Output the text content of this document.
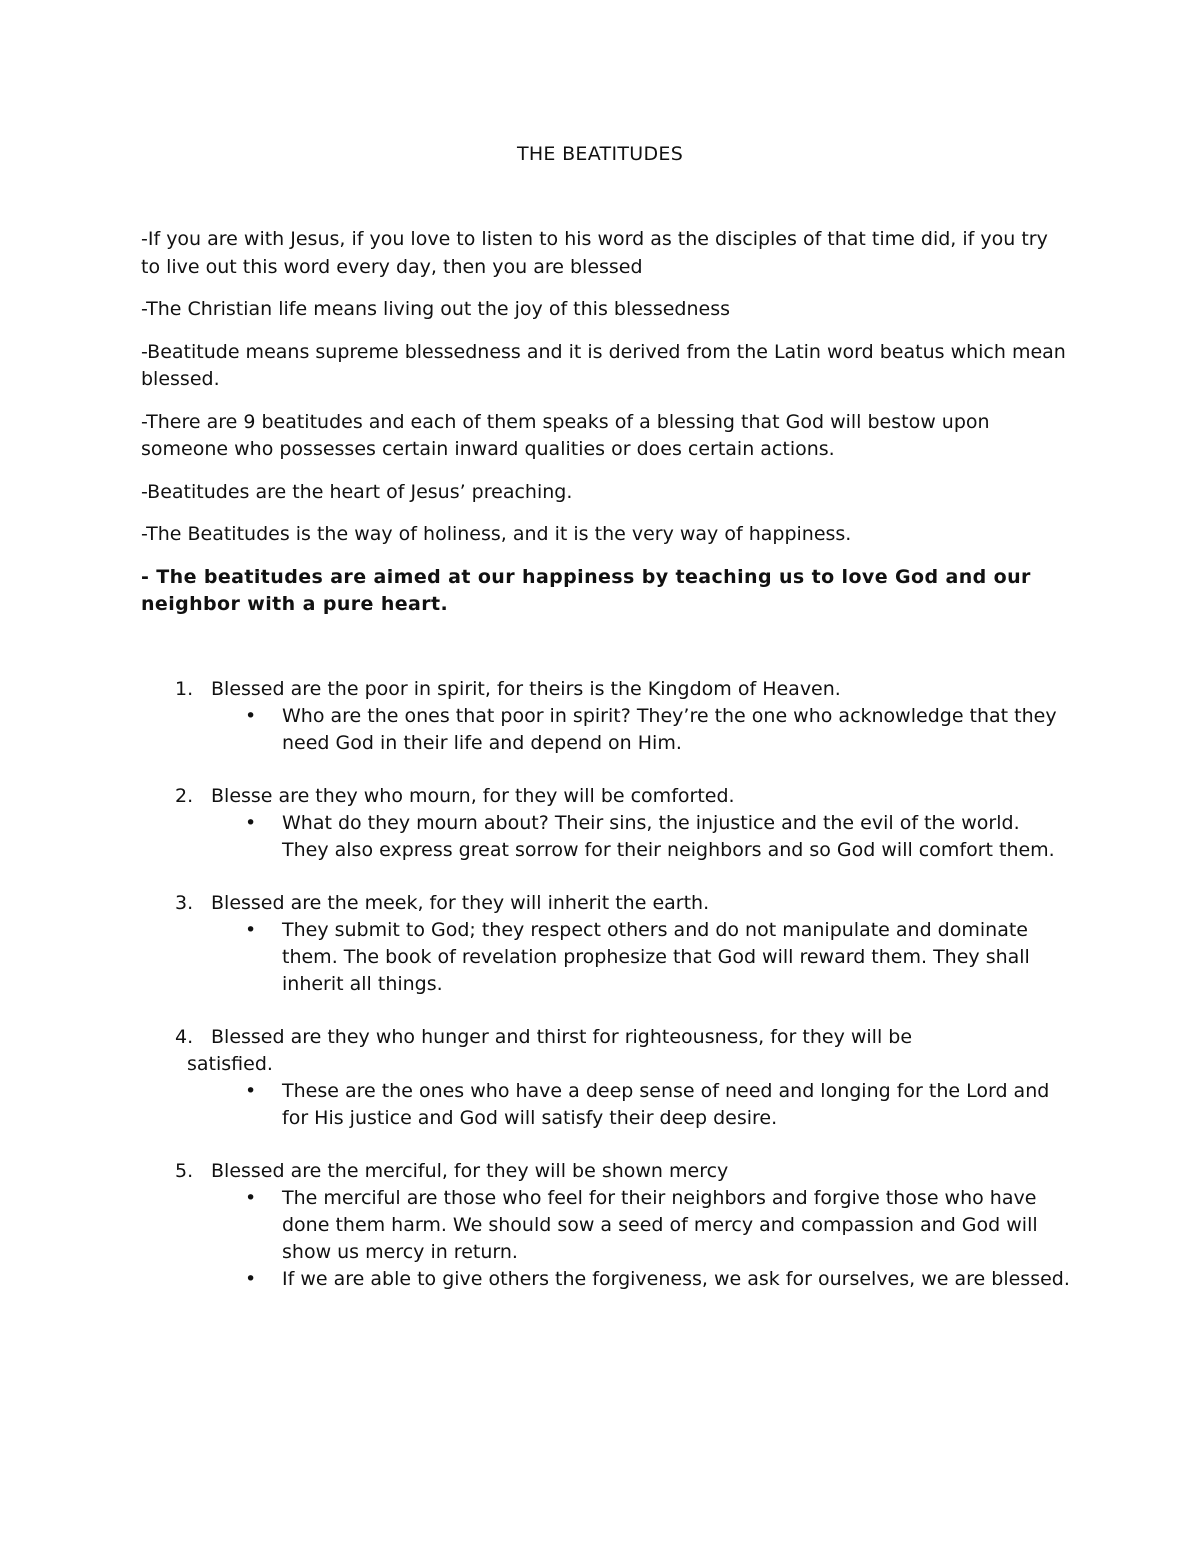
THE BEATITUDES

-If you are with Jesus, if you love to listen to his word as the disciples of that time did, if you try to live out this word every day, then you are blessed

-The Christian life means living out the joy of this blessedness

-Beatitude means supreme blessedness and it is derived from the Latin word beatus which mean blessed.

-There are 9 beatitudes and each of them speaks of a blessing that God will bestow upon someone who possesses certain inward qualities or does certain actions.

-Beatitudes are the heart of Jesus’ preaching.

-The Beatitudes is the way of holiness, and it is the very way of happiness.

- The beatitudes are aimed at our happiness by teaching us to love God and our neighbor with a pure heart.

1. Blessed are the poor in spirit, for theirs is the Kingdom of Heaven.
• Who are the ones that poor in spirit? They’re the one who acknowledge that they need God in their life and depend on Him.
2. Blesse are they who mourn, for they will be comforted.
• What do they mourn about? Their sins, the injustice and the evil of the world. They also express great sorrow for their neighbors and so God will comfort them.
3. Blessed are the meek, for they will inherit the earth.
• They submit to God; they respect others and do not manipulate and dominate them. The book of revelation prophesize that God will reward them. They shall inherit all things.
4. Blessed are they who hunger and thirst for righteousness, for they will be
satisfied.
• These are the ones who have a deep sense of need and longing for the Lord and for His justice and God will satisfy their deep desire.
5. Blessed are the merciful, for they will be shown mercy
• The merciful are those who feel for their neighbors and forgive those who have done them harm. We should sow a seed of mercy and compassion and God will show us mercy in return.
• If we are able to give others the forgiveness, we ask for ourselves, we are blessed.
